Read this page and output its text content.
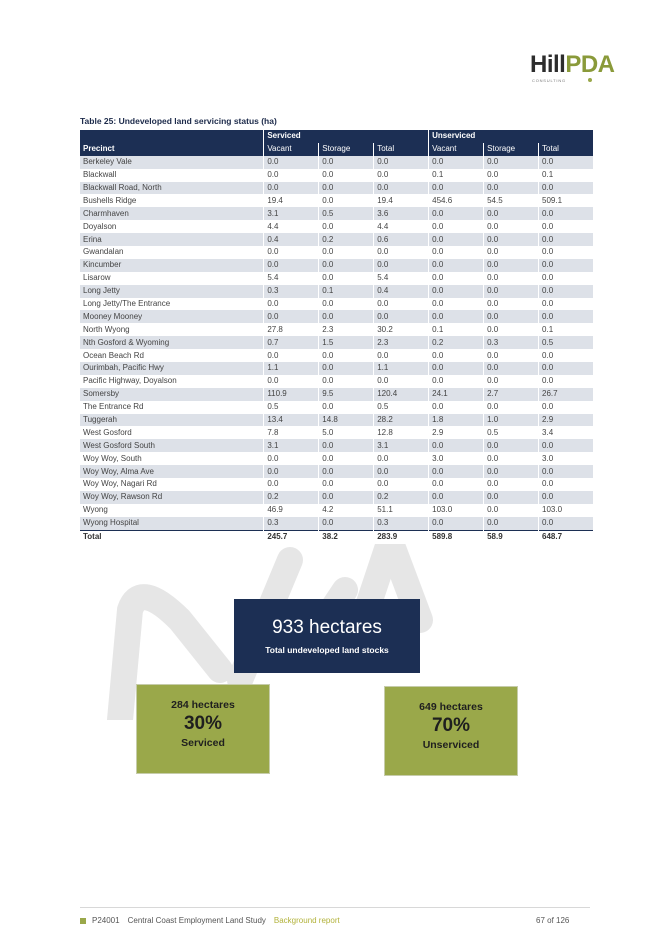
HillPDA
CONSULTING
Table 25: Undeveloped land servicing status (ha)
	Serviced			Unserviced		
Precinct	Vacant	Storage	Total	Vacant	Storage	Total
Berkeley Vale	0.0	0.0	0.0	0.0	0.0	0.0
Blackwall	0.0	0.0	0.0	0.1	0.0	0.1
Blackwall Road, North	0.0	0.0	0.0	0.0	0.0	0.0
Bushells Ridge	19.4	0.0	19.4	454.6	54.5	509.1
Charmhaven	3.1	0.5	3.6	0.0	0.0	0.0
Doyalson	4.4	0.0	4.4	0.0	0.0	0.0
Erina	0.4	0.2	0.6	0.0	0.0	0.0
Gwandalan	0.0	0.0	0.0	0.0	0.0	0.0
Kincumber	0.0	0.0	0.0	0.0	0.0	0.0
Lisarow	5.4	0.0	5.4	0.0	0.0	0.0
Long Jetty	0.3	0.1	0.4	0.0	0.0	0.0
Long Jetty/The Entrance	0.0	0.0	0.0	0.0	0.0	0.0
Mooney Mooney	0.0	0.0	0.0	0.0	0.0	0.0
North Wyong	27.8	2.3	30.2	0.1	0.0	0.1
Nth Gosford & Wyoming	0.7	1.5	2.3	0.2	0.3	0.5
Ocean Beach Rd	0.0	0.0	0.0	0.0	0.0	0.0
Ourimbah, Pacific Hwy	1.1	0.0	1.1	0.0	0.0	0.0
Pacific Highway, Doyalson	0.0	0.0	0.0	0.0	0.0	0.0
Somersby	110.9	9.5	120.4	24.1	2.7	26.7
The Entrance Rd	0.5	0.0	0.5	0.0	0.0	0.0
Tuggerah	13.4	14.8	28.2	1.8	1.0	2.9
West Gosford	7.8	5.0	12.8	2.9	0.5	3.4
West Gosford South	3.1	0.0	3.1	0.0	0.0	0.0
Woy Woy, South	0.0	0.0	0.0	3.0	0.0	3.0
Woy Woy, Alma Ave	0.0	0.0	0.0	0.0	0.0	0.0
Woy Woy, Nagari Rd	0.0	0.0	0.0	0.0	0.0	0.0
Woy Woy, Rawson Rd	0.2	0.0	0.2	0.0	0.0	0.0
Wyong	46.9	4.2	51.1	103.0	0.0	103.0
Wyong Hospital	0.3	0.0	0.3	0.0	0.0	0.0
Total	245.7	38.2	283.9	589.8	58.9	648.7
933 hectares
Total undeveloped land stocks
284 hectares
30%
Serviced
649 hectares
70%
Unserviced
P24001 Central Coast Employment Land Study Background report	67 of 126
